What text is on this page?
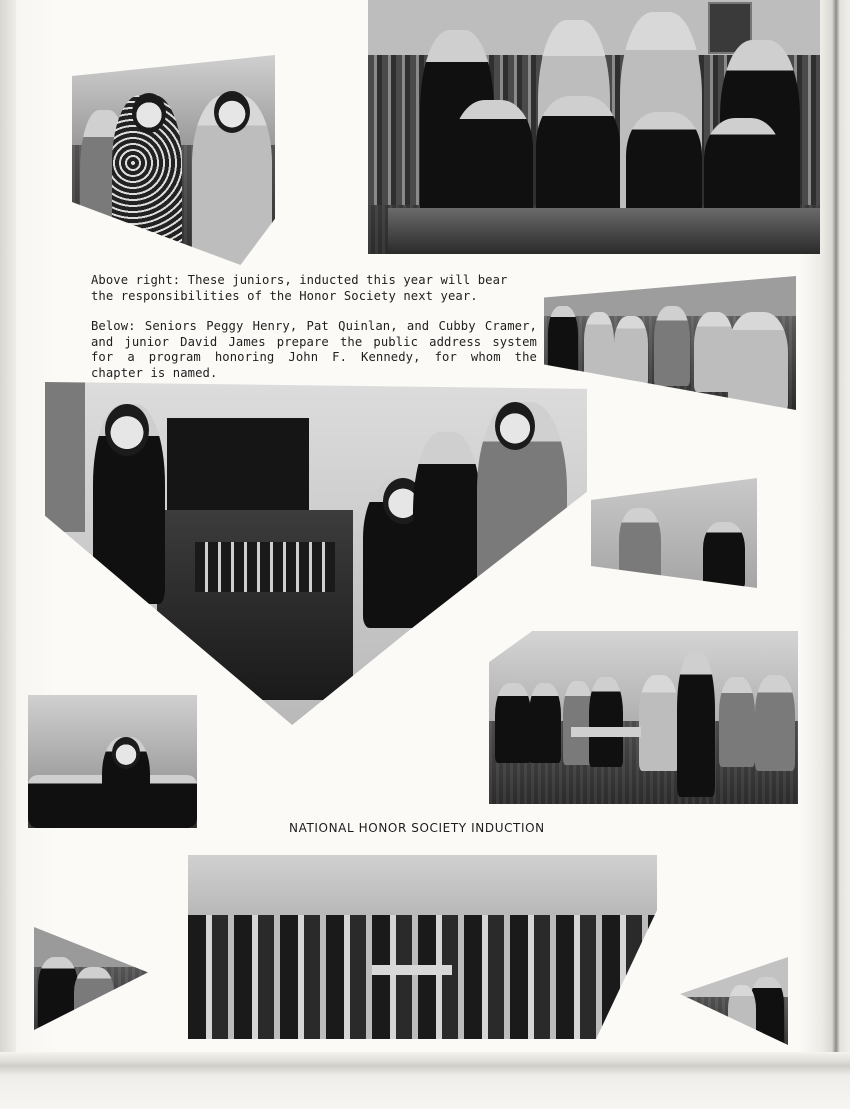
Above right: These juniors, inducted this year will bear the responsibilities of the Honor Society next year.

Below: Seniors Peggy Henry, Pat Quinlan, and Cubby Cramer, and junior David James prepare the public address system for a program honoring John F. Kennedy, for whom the chapter is named.

NATIONAL HONOR SOCIETY INDUCTION
